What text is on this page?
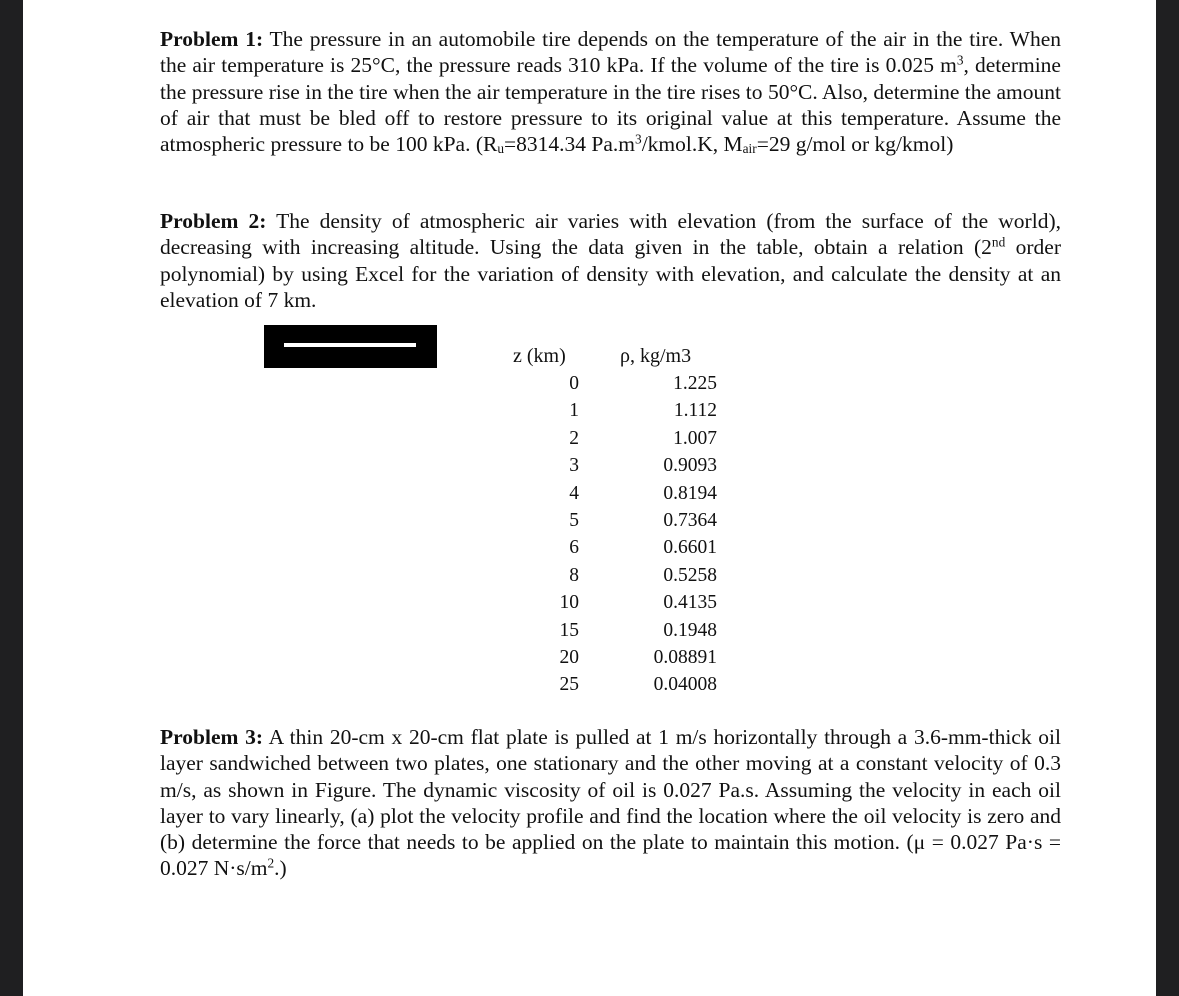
Problem 1: The pressure in an automobile tire depends on the temperature of the air in the tire. When the air temperature is 25°C, the pressure reads 310 kPa. If the volume of the tire is 0.025 $m^3$, determine the pressure rise in the tire when the air temperature in the tire rises to 50°C. Also, determine the amount of air that must be bled off to restore pressure to its original value at this temperature. Assume the atmospheric pressure to be 100 kPa. ($R_u=8314.34$ $Pa.m^3/kmol.K$, $M_{air}=29$ g/mol or kg/kmol)

Problem 2: The density of atmospheric air varies with elevation (from the surface of the world), decreasing with increasing altitude. Using the data given in the table, obtain a relation (2nd order polynomial) by using Excel for the variation of density with elevation, and calculate the density at an elevation of 7 km.

z (km)	ρ, kg/m3
0
1
2
3
4
5
6
8
10
15
20
25
1.225
1.112
1.007
0.9093
0.8194
0.7364
0.6601
0.5258
0.4135
0.1948
0.08891
0.04008

Problem 3: A thin 20-cm x 20-cm flat plate is pulled at 1 m/s horizontally through a 3.6-mm-thick oil layer sandwiched between two plates, one stationary and the other moving at a constant velocity of 0.3 m/s, as shown in Figure. The dynamic viscosity of oil is 0.027 Pa.s. Assuming the velocity in each oil layer to vary linearly, (a) plot the velocity profile and find the location where the oil velocity is zero and (b) determine the force that needs to be applied on the plate to maintain this motion. (μ = 0.027 Pa·s = 0.027 $N\cdot s/m^2$.)
